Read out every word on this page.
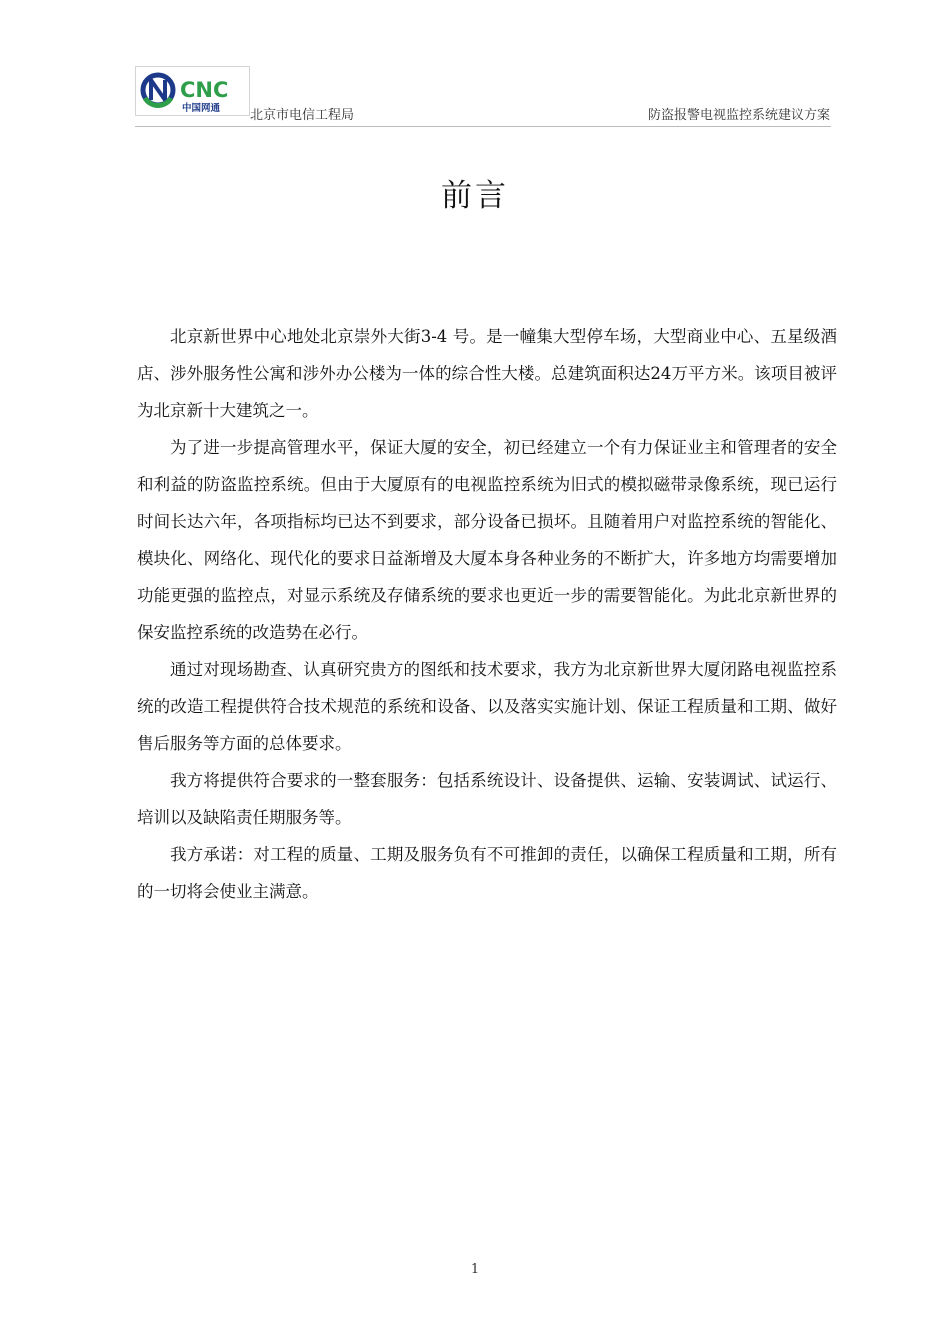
CNC
中国网通 北京市电信工程局	防盗报警电视监控系统建议方案
前言

北京新世界中心地处北京崇外大街3-4 号。是一幢集大型停车场，大型商业中心、五星级酒店、涉外服务性公寓和涉外办公楼为一体的综合性大楼。总建筑面积达24万平方米。该项目被评为北京新十大建筑之一。

为了进一步提高管理水平，保证大厦的安全，初已经建立一个有力保证业主和管理者的安全和利益的防盗监控系统。但由于大厦原有的电视监控系统为旧式的模拟磁带录像系统，现已运行时间长达六年，各项指标均已达不到要求，部分设备已损坏。且随着用户对监控系统的智能化、模块化、网络化、现代化的要求日益渐增及大厦本身各种业务的不断扩大，许多地方均需要增加功能更强的监控点，对显示系统及存储系统的要求也更近一步的需要智能化。为此北京新世界的保安监控系统的改造势在必行。

通过对现场勘查、认真研究贵方的图纸和技术要求，我方为北京新世界大厦闭路电视监控系统的改造工程提供符合技术规范的系统和设备、以及落实实施计划、保证工程质量和工期、做好售后服务等方面的总体要求。

我方将提供符合要求的一整套服务：包括系统设计、设备提供、运输、安装调试、试运行、培训以及缺陷责任期服务等。

我方承诺：对工程的质量、工期及服务负有不可推卸的责任，以确保工程质量和工期，所有的一切将会使业主满意。

1
